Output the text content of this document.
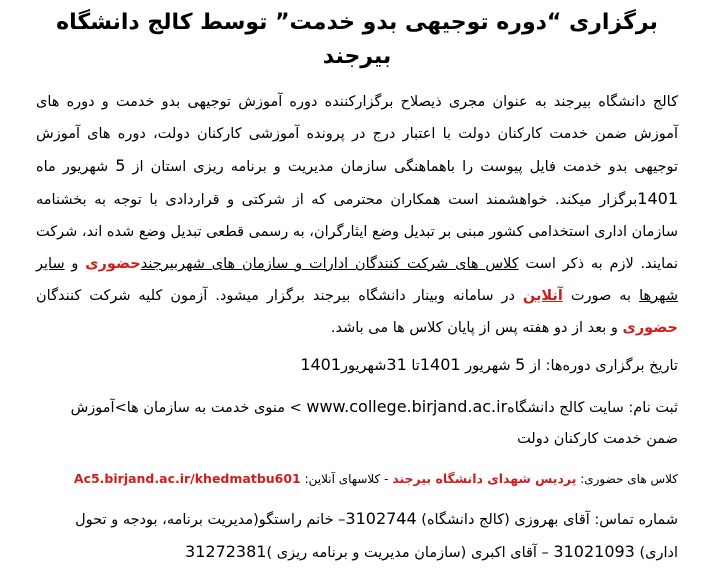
برگزاری “دوره توجیهی بدو خدمت” توسط کالج دانشگاه بیرجند

کالج دانشگاه بیرجند به عنوان مجری ذیصلاح برگزارکننده دوره آموزش توجیهی بدو خدمت و دوره های آموزش ضمن خدمت کارکنان دولت با اعتبار درج در پرونده آموزشی کارکنان دولت، دوره های آموزش توجیهی بدو خدمت فایل پیوست را باهماهنگی سازمان مدیریت و برنامه ریزی استان از 5 شهریور ماه 1401برگزار میکند. خواهشمند است همکاران محترمی که از شرکتی و قراردادی با توجه به بخشنامه سازمان اداری استخدامی کشور مبنی بر تبدیل وضع ایثارگران، به رسمی قطعی تبدیل وضع شده اند، شرکت نمایند. لازم به ذکر است کلاس های شرکت کنندگان ادارات و سازمان های شهربیرجندحضوری و سایر شهرها به صورت آنلاین در سامانه وبینار دانشگاه بیرجند برگزار میشود. آزمون کلیه شرکت کنندگان حضوری و بعد از دو هفته پس از پایان کلاس ها می باشد.

تاریخ برگزاری دوره‌ها: از 5 شهریور 1401تا 31شهریور1401

ثبت نام: سایت کالج دانشگاهwww.college.birjand.ac.ir > منوی خدمت به سازمان ها>آموزش ضمن خدمت کارکنان دولت

کلاس های حضوری: پردیس شهدای دانشگاه بیرجند - کلاسهای آنلاین: Ac5.birjand.ac.ir/khedmatbu601

شماره تماس: آقای بهروزی (کالج دانشگاه) 3102744– خانم راستگو(مدیریت برنامه، بودجه و تحول اداری) 31021093 – آقای اکبری (سازمان مدیریت و برنامه ریزی )31272381
